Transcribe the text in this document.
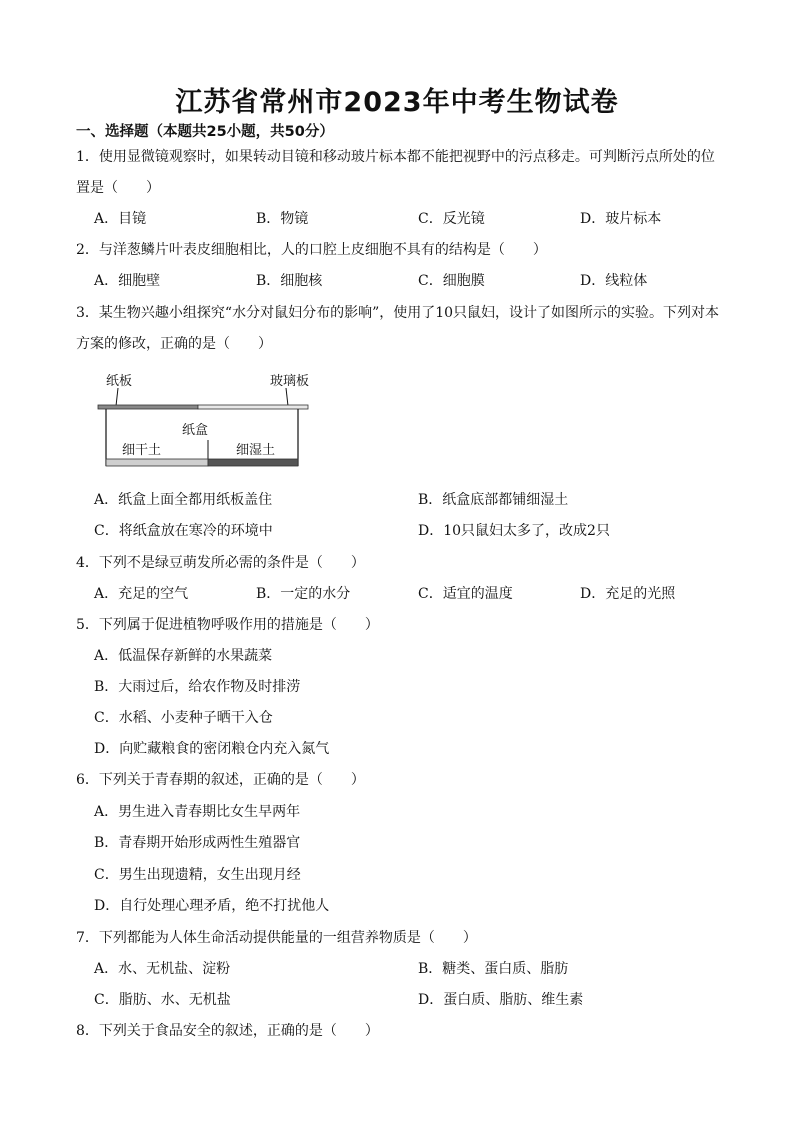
江苏省常州市2023年中考生物试卷
一、选择题（本题共25小题，共50分）
1．使用显微镜观察时，如果转动目镜和移动玻片标本都不能把视野中的污点移走。可判断污点所处的位
置是（　　）
A．目镜	B．物镜	C．反光镜	D．玻片标本
2．与洋葱鳞片叶表皮细胞相比，人的口腔上皮细胞不具有的结构是（　　）
A．细胞壁	B．细胞核	C．细胞膜	D．线粒体
3．某生物兴趣小组探究“水分对鼠妇分布的影响”，使用了10只鼠妇，设计了如图所示的实验。下列对本
方案的修改，正确的是（　　）
纸板	玻璃板
纸盒
细干土	细湿土
A．纸盒上面全都用纸板盖住	B．纸盒底部都铺细湿土
C．将纸盒放在寒冷的环境中	D．10只鼠妇太多了，改成2只
4．下列不是绿豆萌发所必需的条件是（　　）
A．充足的空气	B．一定的水分	C．适宜的温度	D．充足的光照
5．下列属于促进植物呼吸作用的措施是（　　）
A．低温保存新鲜的水果蔬菜
B．大雨过后，给农作物及时排涝
C．水稻、小麦种子晒干入仓
D．向贮藏粮食的密闭粮仓内充入氮气
6．下列关于青春期的叙述，正确的是（　　）
A．男生进入青春期比女生早两年
B．青春期开始形成两性生殖器官
C．男生出现遗精，女生出现月经
D．自行处理心理矛盾，绝不打扰他人
7．下列都能为人体生命活动提供能量的一组营养物质是（　　）
A．水、无机盐、淀粉	B．糖类、蛋白质、脂肪
C．脂肪、水、无机盐	D．蛋白质、脂肪、维生素
8．下列关于食品安全的叙述，正确的是（　　）
